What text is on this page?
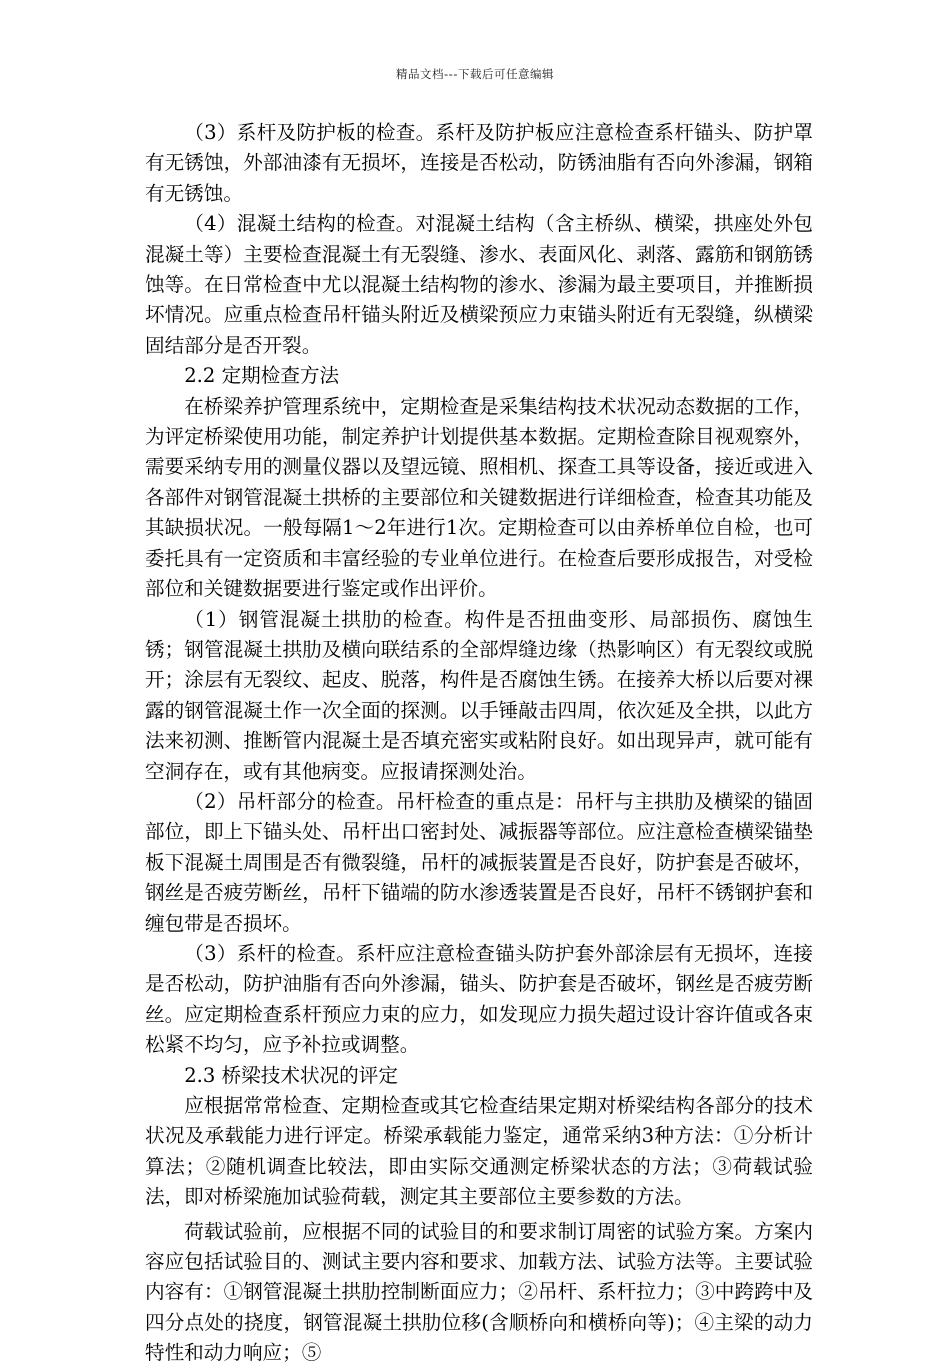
精品文档---下载后可任意编辑

（3）系杆及防护板的检查。系杆及防护板应注意检查系杆锚头、防护罩有无锈蚀，外部油漆有无损坏，连接是否松动，防锈油脂有否向外渗漏，钢箱有无锈蚀。

（4）混凝土结构的检查。对混凝土结构（含主桥纵、横梁，拱座处外包混凝土等）主要检查混凝土有无裂缝、渗水、表面风化、剥落、露筋和钢筋锈蚀等。在日常检查中尤以混凝土结构物的渗水、渗漏为最主要项目，并推断损坏情况。应重点检查吊杆锚头附近及横梁预应力束锚头附近有无裂缝，纵横梁固结部分是否开裂。

2.2 定期检查方法

在桥梁养护管理系统中，定期检查是采集结构技术状况动态数据的工作，为评定桥梁使用功能，制定养护计划提供基本数据。定期检查除目视观察外，需要采纳专用的测量仪器以及望远镜、照相机、探查工具等设备，接近或进入各部件对钢管混凝土拱桥的主要部位和关键数据进行详细检查，检查其功能及其缺损状况。一般每隔1～2年进行1次。定期检查可以由养桥单位自检，也可委托具有一定资质和丰富经验的专业单位进行。在检查后要形成报告，对受检部位和关键数据要进行鉴定或作出评价。

（1）钢管混凝土拱肋的检查。构件是否扭曲变形、局部损伤、腐蚀生锈；钢管混凝土拱肋及横向联结系的全部焊缝边缘（热影响区）有无裂纹或脱开；涂层有无裂纹、起皮、脱落，构件是否腐蚀生锈。在接养大桥以后要对裸露的钢管混凝土作一次全面的探测。以手锤敲击四周，依次延及全拱，以此方法来初测、推断管内混凝土是否填充密实或粘附良好。如出现异声，就可能有空洞存在，或有其他病变。应报请探测处治。

（2）吊杆部分的检查。吊杆检查的重点是：吊杆与主拱肋及横梁的锚固部位，即上下锚头处、吊杆出口密封处、减振器等部位。应注意检查横梁锚垫板下混凝土周围是否有微裂缝，吊杆的减振装置是否良好，防护套是否破坏，钢丝是否疲劳断丝，吊杆下锚端的防水渗透装置是否良好，吊杆不锈钢护套和缠包带是否损坏。

（3）系杆的检查。系杆应注意检查锚头防护套外部涂层有无损坏，连接是否松动，防护油脂有否向外渗漏，锚头、防护套是否破坏，钢丝是否疲劳断丝。应定期检查系杆预应力束的应力，如发现应力损失超过设计容许值或各束松紧不均匀，应予补拉或调整。

2.3 桥梁技术状况的评定

应根据常常检查、定期检查或其它检查结果定期对桥梁结构各部分的技术状况及承载能力进行评定。桥梁承载能力鉴定，通常采纳3种方法：①分析计算法；②随机调查比较法，即由实际交通测定桥梁状态的方法；③荷载试验法，即对桥梁施加试验荷载，测定其主要部位主要参数的方法。

荷载试验前，应根据不同的试验目的和要求制订周密的试验方案。方案内容应包括试验目的、测试主要内容和要求、加载方法、试验方法等。主要试验内容有：①钢管混凝土拱肋控制断面应力；②吊杆、系杆拉力；③中跨跨中及四分点处的挠度，钢管混凝土拱肋位移(含顺桥向和横桥向等)；④主梁的动力特性和动力响应；⑤
